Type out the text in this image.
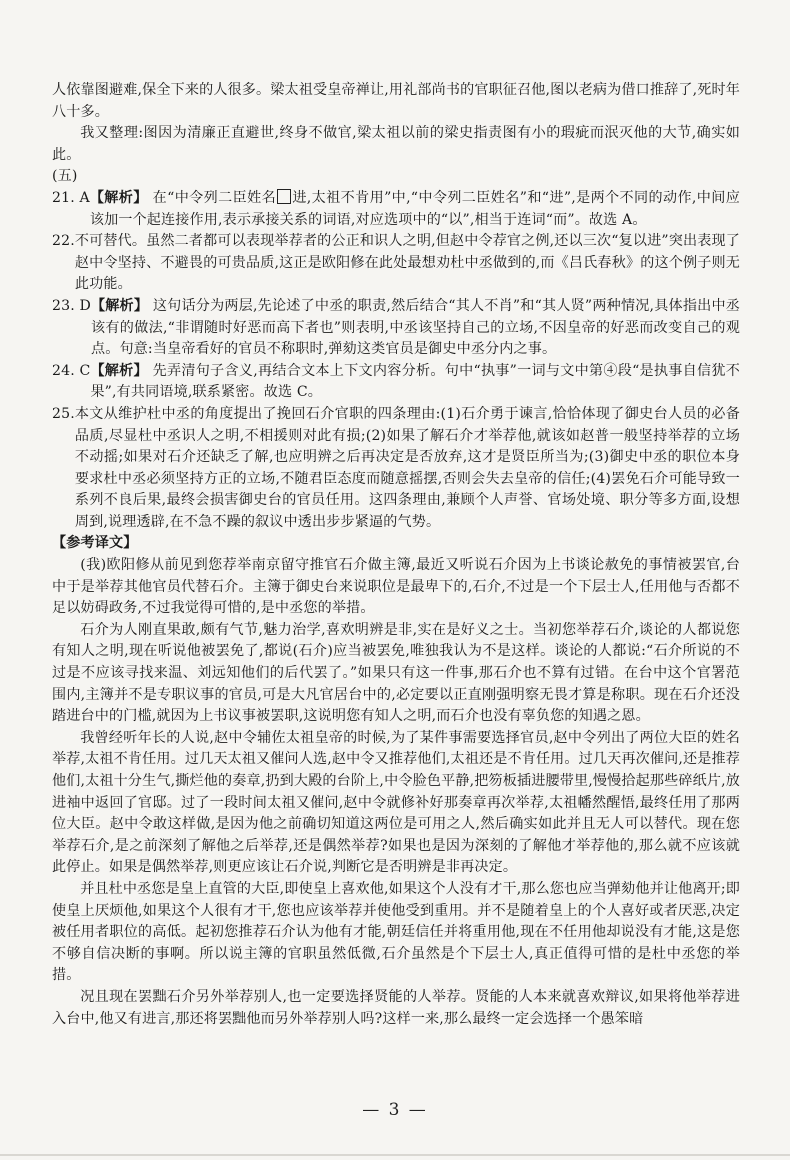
人依靠图避难,保全下来的人很多。梁太祖受皇帝禅让,用礼部尚书的官职征召他,图以老病为借口推辞了,死时年八十多。

我又整理:图因为清廉正直避世,终身不做官,梁太祖以前的梁史指责图有小的瑕疵而泯灭他的大节,确实如此。

(五)

21. A 【解析】 在“中令列二臣姓名 进,太祖不肯用”中,“中令列二臣姓名”和“进”,是两个不同的动作,中间应该加一个起连接作用,表示承接关系的词语,对应选项中的“以”,相当于连词“而”。故选 A。
22. 不可替代。虽然二者都可以表现举荐者的公正和识人之明,但赵中令荐官之例,还以三次“复以进”突出表现了赵中令坚持、不避畏的可贵品质,这正是欧阳修在此处最想劝杜中丞做到的,而《吕氏春秋》的这个例子则无此功能。
23. D 【解析】 这句话分为两层,先论述了中丞的职责,然后结合“其人不肖”和“其人贤”两种情况,具体指出中丞该有的做法,“非谓随时好恶而高下者也”则表明,中丞该坚持自己的立场,不因皇帝的好恶而改变自己的观点。句意:当皇帝看好的官员不称职时,弹劾这类官员是御史中丞分内之事。
24. C 【解析】 先弄清句子含义,再结合文本上下文内容分析。句中“执事”一词与文中第④段“是执事自信犹不果”,有共同语境,联系紧密。故选 C。
25. 本文从维护杜中丞的角度提出了挽回石介官职的四条理由:(1)石介勇于谏言,恰恰体现了御史台人员的必备品质,尽显杜中丞识人之明,不相援则对此有损;(2)如果了解石介才举荐他,就该如赵普一般坚持举荐的立场不动摇;如果对石介还缺乏了解,也应明辨之后再决定是否放弃,这才是贤臣所当为;(3)御史中丞的职位本身要求杜中丞必须坚持方正的立场,不随君臣态度而随意摇摆,否则会失去皇帝的信任;(4)罢免石介可能导致一系列不良后果,最终会损害御史台的官员任用。这四条理由,兼顾个人声誉、官场处境、职分等多方面,设想周到,说理透辟,在不急不躁的叙议中透出步步紧逼的气势。

【参考译文】

(我)欧阳修从前见到您荐举南京留守推官石介做主簿,最近又听说石介因为上书谈论赦免的事情被罢官,台中于是举荐其他官员代替石介。主簿于御史台来说职位是最卑下的,石介,不过是一个下层士人,任用他与否都不足以妨碍政务,不过我觉得可惜的,是中丞您的举措。

石介为人刚直果敢,颇有气节,魅力治学,喜欢明辨是非,实在是好义之士。当初您举荐石介,谈论的人都说您有知人之明,现在听说他被罢免了,都说(石介)应当被罢免,唯独我认为不是这样。谈论的人都说:“石介所说的不过是不应该寻找来温、刘远知他们的后代罢了。”如果只有这一件事,那石介也不算有过错。在台中这个官署范围内,主簿并不是专职议事的官员,可是大凡官居台中的,必定要以正直刚强明察无畏才算是称职。现在石介还没踏进台中的门槛,就因为上书议事被罢职,这说明您有知人之明,而石介也没有辜负您的知遇之恩。

我曾经听年长的人说,赵中令辅佐太祖皇帝的时候,为了某件事需要选择官员,赵中令列出了两位大臣的姓名举荐,太祖不肯任用。过几天太祖又催问人选,赵中令又推荐他们,太祖还是不肯任用。过几天再次催问,还是推荐他们,太祖十分生气,撕烂他的奏章,扔到大殿的台阶上,中令脸色平静,把笏板插进腰带里,慢慢拾起那些碎纸片,放进袖中返回了官邸。过了一段时间太祖又催问,赵中令就修补好那奏章再次举荐,太祖幡然醒悟,最终任用了那两位大臣。赵中令敢这样做,是因为他之前确切知道这两位是可用之人,然后确实如此并且无人可以替代。现在您举荐石介,是之前深刻了解他之后举荐,还是偶然举荐?如果也是因为深刻的了解他才举荐他的,那么就不应该就此停止。如果是偶然举荐,则更应该让石介说,判断它是否明辨是非再决定。

并且杜中丞您是皇上直管的大臣,即使皇上喜欢他,如果这个人没有才干,那么您也应当弹劾他并让他离开;即使皇上厌烦他,如果这个人很有才干,您也应该举荐并使他受到重用。并不是随着皇上的个人喜好或者厌恶,决定被任用者职位的高低。起初您推荐石介认为他有才能,朝廷信任并将重用他,现在不任用他却说没有才能,这是您不够自信决断的事啊。所以说主簿的官职虽然低微,石介虽然是个下层士人,真正值得可惜的是杜中丞您的举措。

况且现在罢黜石介另外举荐别人,也一定要选择贤能的人举荐。贤能的人本来就喜欢辩议,如果将他举荐进入台中,他又有进言,那还将罢黜他而另外举荐别人吗?这样一来,那么最终一定会选择一个愚笨暗

— 3 —
